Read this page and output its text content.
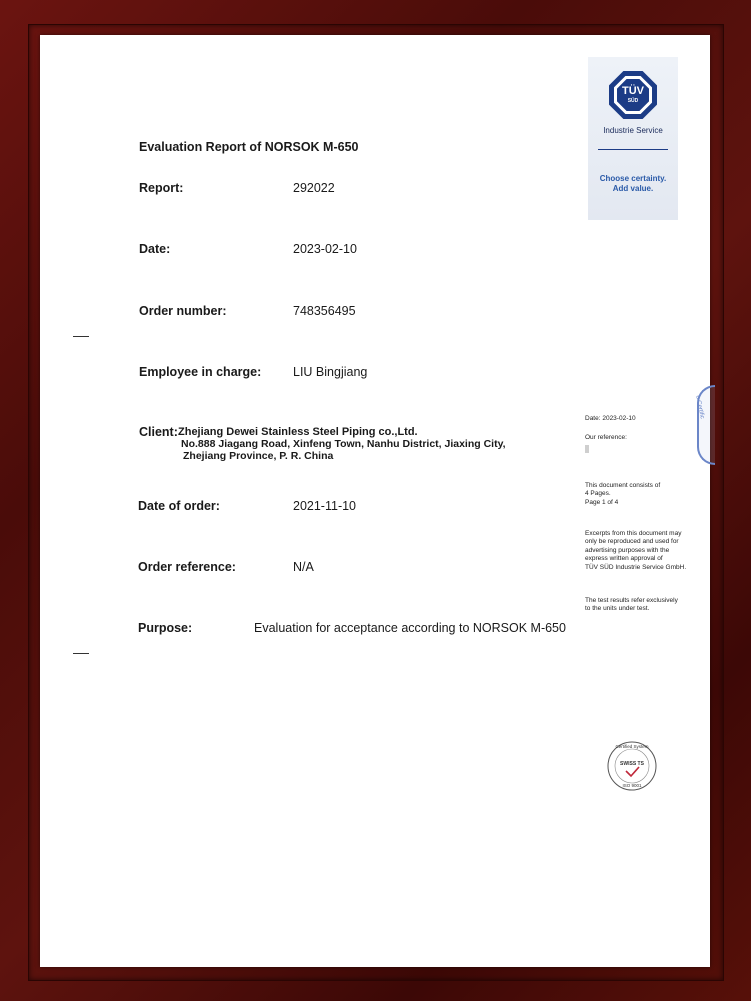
TÜV
SÜD
Industrie Service
Choose certainty.
Add value.
Evaluation Report of NORSOK M-650
Report:	292022
Date:	2023-02-10
Order number:	748356495
Employee in charge:	LIU Bingjiang
Client: Zhejiang Dewei Stainless Steel Piping co.,Ltd.
No.888 Jiagang Road, Xinfeng Town, Nanhu District, Jiaxing City,
Zhejiang Province, P. R. China
Date of order:	2021-11-10
Order reference:	N/A
Purpose:	Evaluation for acceptance according to NORSOK M-650
Date: 2023-02-10
Our reference:
This document consists of
4 Pages.
Page 1 of 4
Excerpts from this document may
only be reproduced and used for
advertising purposes with the
express written approval of
TÜV SÜD Industrie Service GmbH.
The test results refer exclusively
to the units under test.
Certified System
SWISS TS
ISO 9001
o Certific
